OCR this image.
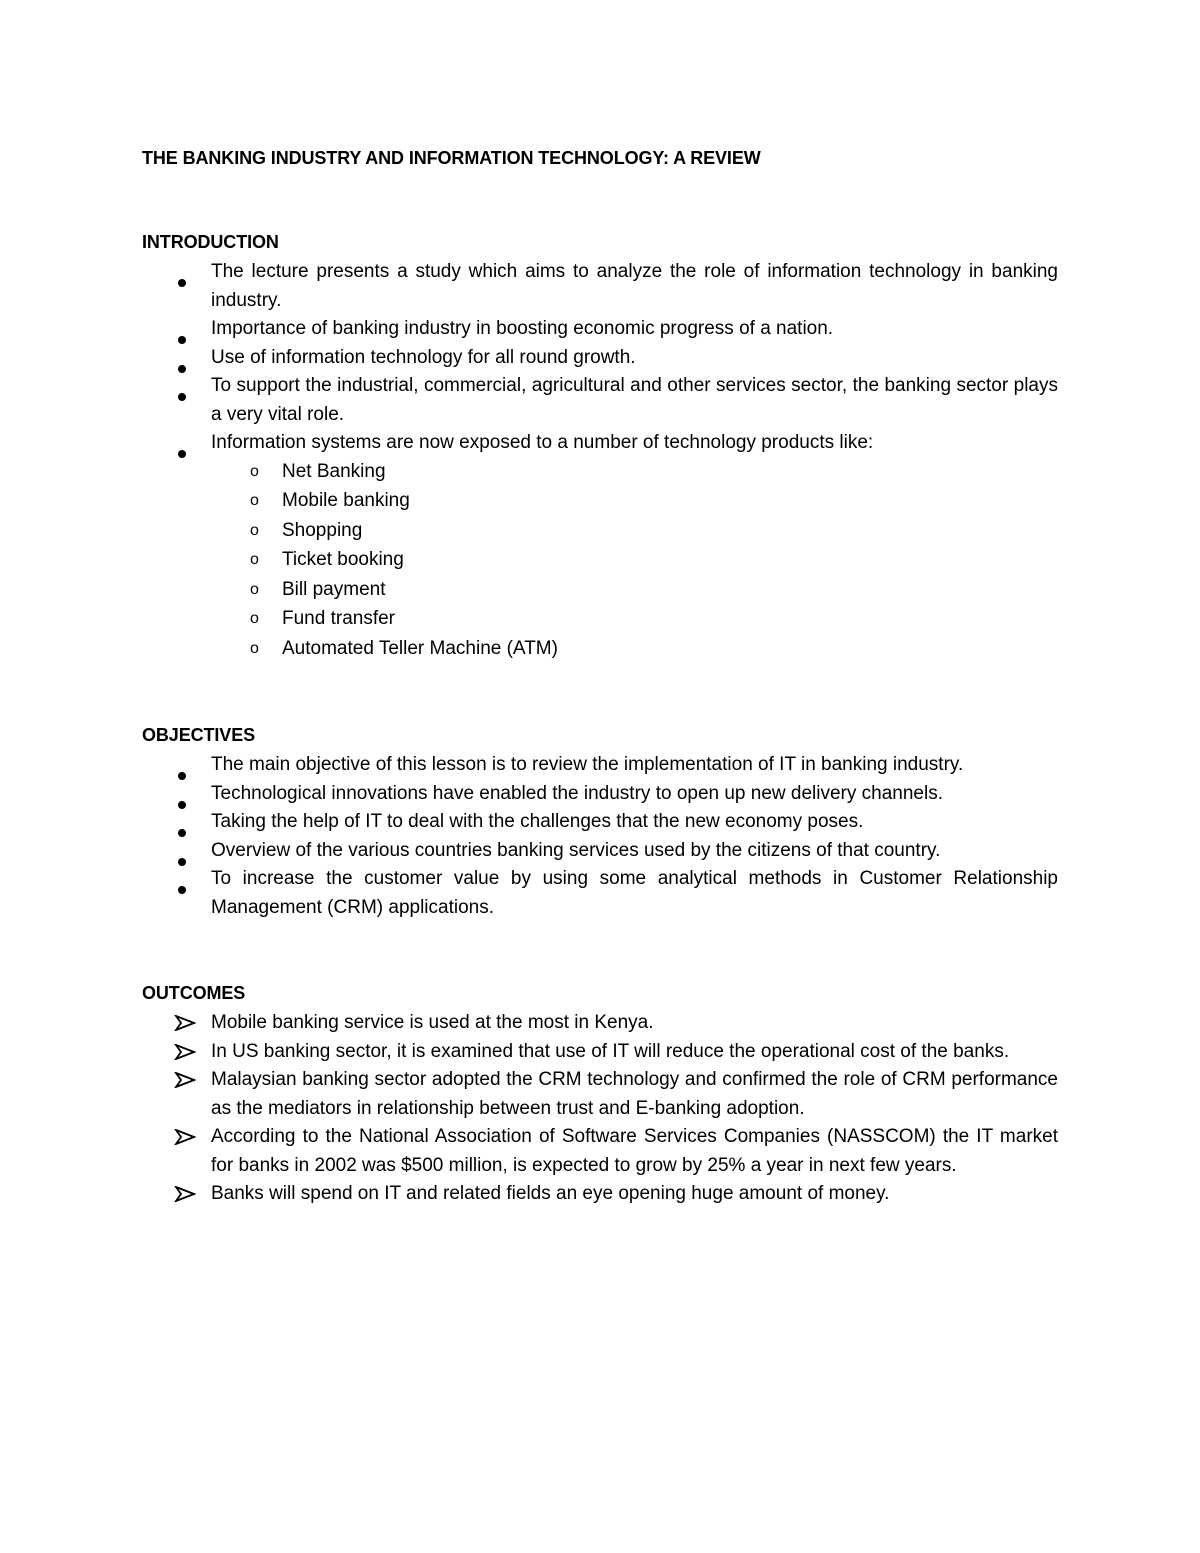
THE BANKING INDUSTRY AND INFORMATION TECHNOLOGY: A REVIEW

INTRODUCTION

The lecture presents a study which aims to analyze the role of information technology in banking industry.
Importance of banking industry in boosting economic progress of a nation.
Use of information technology for all round growth.
To support the industrial, commercial, agricultural and other services sector, the banking sector plays a very vital role.
Information systems are now exposed to a number of technology products like:
o Net Banking
o Mobile banking
o Shopping
o Ticket booking
o Bill payment
o Fund transfer
o Automated Teller Machine (ATM)

OBJECTIVES

The main objective of this lesson is to review the implementation of IT in banking industry.
Technological innovations have enabled the industry to open up new delivery channels.
Taking the help of IT to deal with the challenges that the new economy poses.
Overview of the various countries banking services used by the citizens of that country.
To increase the customer value by using some analytical methods in Customer Relationship Management (CRM) applications.

OUTCOMES

Mobile banking service is used at the most in Kenya.
In US banking sector, it is examined that use of IT will reduce the operational cost of the banks.
Malaysian banking sector adopted the CRM technology and confirmed the role of CRM performance as the mediators in relationship between trust and E-banking adoption.
According to the National Association of Software Services Companies (NASSCOM) the IT market for banks in 2002 was $500 million, is expected to grow by 25% a year in next few years.
Banks will spend on IT and related fields an eye opening huge amount of money.
